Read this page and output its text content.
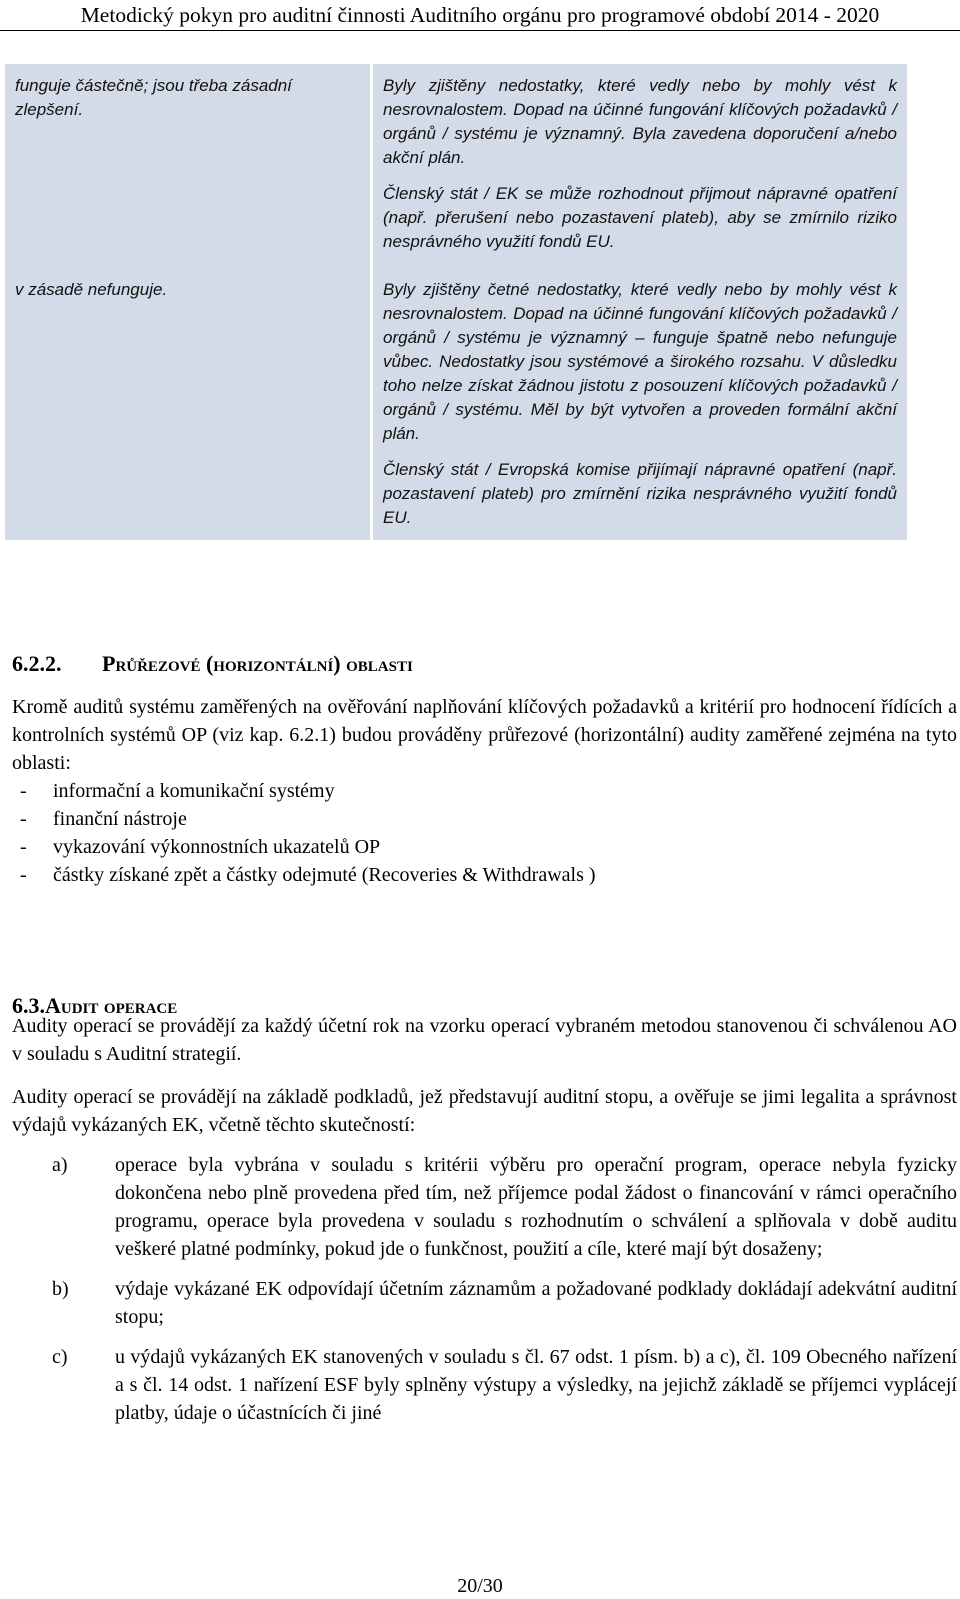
Metodický pokyn pro auditní činnosti Auditního orgánu pro programové období 2014 - 2020
funguje částečně; jsou třeba zásadní zlepšení.	Byly zjištěny nedostatky, které vedly nebo by mohly vést k nesrovnalostem. Dopad na účinné fungování klíčových požadavků / orgánů / systému je významný. Byla zavedena doporučení a/nebo akční plán.

Členský stát / EK se může rozhodnout přijmout nápravné opatření (např. přerušení nebo pozastavení plateb), aby se zmírnilo riziko nesprávného využití fondů EU.

v zásadě nefunguje.	Byly zjištěny četné nedostatky, které vedly nebo by mohly vést k nesrovnalostem. Dopad na účinné fungování klíčových požadavků / orgánů / systému je významný – funguje špatně nebo nefunguje vůbec. Nedostatky jsou systémové a širokého rozsahu. V důsledku toho nelze získat žádnou jistotu z posouzení klíčových požadavků / orgánů / systému. Měl by být vytvořen a proveden formální akční plán.

Členský stát / Evropská komise přijímají nápravné opatření (např. pozastavení plateb) pro zmírnění rizika nesprávného využití fondů EU.

6.2.2. Průřezové (horizontální) oblasti

Kromě auditů systému zaměřených na ověřování naplňování klíčových požadavků a kritérií pro hodnocení řídících a kontrolních systémů OP (viz kap. 6.2.1) budou prováděny průřezové (horizontální) audity zaměřené zejména na tyto oblasti:

-	informační a komunikační systémy
-	finanční nástroje
-	vykazování výkonnostních ukazatelů OP
-	částky získané zpět a částky odejmuté (Recoveries & Withdrawals )
6.3.Audit operace

Audity operací se provádějí za každý účetní rok na vzorku operací vybraném metodou stanovenou či schválenou AO v souladu s Auditní strategií.

Audity operací se provádějí na základě podkladů, jež představují auditní stopu, a ověřuje se jimi legalita a správnost výdajů vykázaných EK, včetně těchto skutečností:

a)	operace byla vybrána v souladu s kritérii výběru pro operační program, operace nebyla fyzicky dokončena nebo plně provedena před tím, než příjemce podal žádost o financování v rámci operačního programu, operace byla provedena v souladu s rozhodnutím o schválení a splňovala v době auditu veškeré platné podmínky, pokud jde o funkčnost, použití a cíle, které mají být dosaženy;
b)	výdaje vykázané EK odpovídají účetním záznamům a požadované podklady dokládají adekvátní auditní stopu;
c)	u výdajů vykázaných EK stanovených v souladu s čl. 67 odst. 1 písm. b) a c), čl. 109 Obecného nařízení a s čl. 14 odst. 1 nařízení ESF byly splněny výstupy a výsledky, na jejichž základě se příjemci vyplácejí platby, údaje o účastnících či jiné
20/30
